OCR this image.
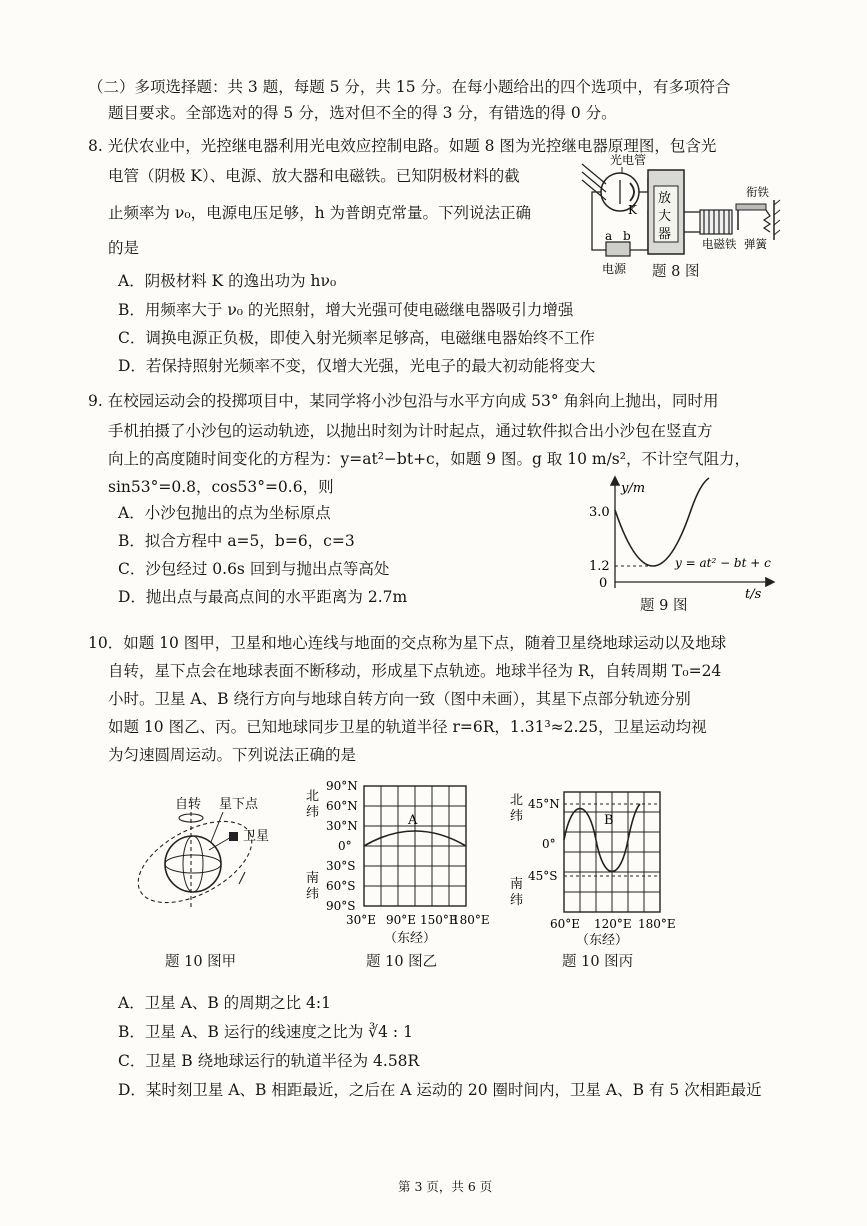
（二）多项选择题：共 3 题，每题 5 分，共 15 分。在每小题给出的四个选项中，有多项符合
题目要求。全部选对的得 5 分，选对但不全的得 3 分，有错选的得 0 分。
8. 光伏农业中，光控继电器利用光电效应控制电路。如题 8 图为光控继电器原理图，包含光
电管（阴极 K）、电源、放大器和电磁铁。已知阴极材料的截
止频率为 ν₀，电源电压足够，h 为普朗克常量。下列说法正确
的是
A．阴极材料 K 的逸出功为 hν₀
B．用频率大于 ν₀ 的光照射，增大光强可使电磁继电器吸引力增强
C．调换电源正负极，即使入射光频率足够高，电磁继电器始终不工作
D．若保持照射光频率不变，仅增大光强，光电子的最大初动能将变大
光电管
K
放
大
器
a b
电源
电磁铁
衔铁
弹簧
题 8 图
9. 在校园运动会的投掷项目中，某同学将小沙包沿与水平方向成 53° 角斜向上抛出，同时用
手机拍摄了小沙包的运动轨迹，以抛出时刻为计时起点，通过软件拟合出小沙包在竖直方
向上的高度随时间变化的方程为：y=at²−bt+c，如题 9 图。g 取 10 m/s²，不计空气阻力，
sin53°=0.8，cos53°=0.6，则
A．小沙包抛出的点为坐标原点
B．拟合方程中 a=5，b=6，c=3
C．沙包经过 0.6s 回到与抛出点等高处
D．抛出点与最高点间的水平距离为 2.7m
y/m
3.0
1.2
0
y = at² − bt + c
t/s
题 9 图
10．如题 10 图甲，卫星和地心连线与地面的交点称为星下点，随着卫星绕地球运动以及地球
自转，星下点会在地球表面不断移动，形成星下点轨迹。地球半径为 R，自转周期 T₀=24
小时。卫星 A、B 绕行方向与地球自转方向一致（图中未画），其星下点部分轨迹分别
如题 10 图乙、丙。已知地球同步卫星的轨道半径 r=6R，1.31³≈2.25，卫星运动均视
为匀速圆周运动。下列说法正确的是
自转 星下点
卫星
题 10 图甲
A
90°N
60°N
30°N
0°
30°S
60°S
90°S
北
纬
南
纬
30°E 90°E 150°E
180°E
（东经）
题 10 图乙
B
45°N
0°
45°S
北
纬
南
纬
60°E 120°E 180°E
（东经）
题 10 图丙
A．卫星 A、B 的周期之比 4:1
B．卫星 A、B 运行的线速度之比为 ∛4 : 1
C．卫星 B 绕地球运行的轨道半径为 4.58R
D．某时刻卫星 A、B 相距最近，之后在 A 运动的 20 圈时间内，卫星 A、B 有 5 次相距最近
第 3 页，共 6 页
